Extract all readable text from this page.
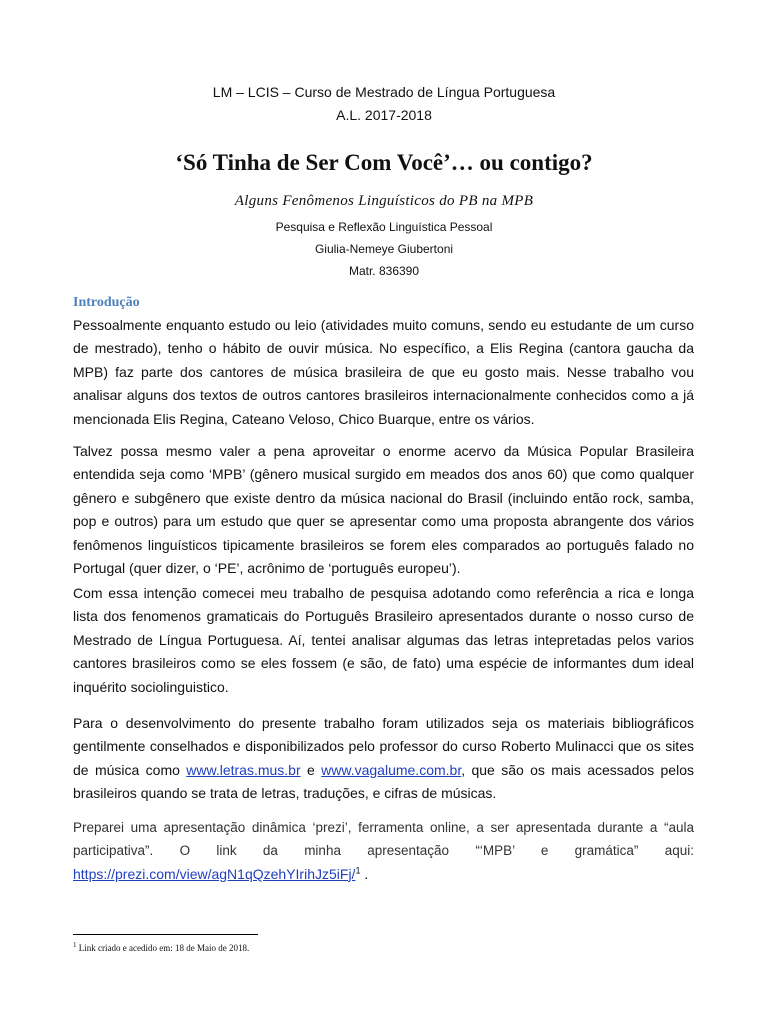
LM – LCIS – Curso de Mestrado de Língua Portuguesa
A.L. 2017-2018
‘Só Tinha de Ser Com Você’… ou contigo?
Alguns Fenômenos Linguísticos do PB na MPB
Pesquisa e Reflexão Linguística Pessoal
Giulia-Nemeye Giubertoni
Matr. 836390
Introdução
Pessoalmente enquanto estudo ou leio (atividades muito comuns, sendo eu estudante de um curso de mestrado), tenho o hábito de ouvir música. No específico, a Elis Regina (cantora gaucha da MPB) faz parte dos cantores de música brasileira de que eu gosto mais. Nesse trabalho vou analisar alguns dos textos de outros cantores brasileiros internacionalmente conhecidos como a já mencionada Elis Regina, Cateano Veloso, Chico Buarque, entre os vários.
Talvez possa mesmo valer a pena aproveitar o enorme acervo da Música Popular Brasileira entendida seja como ‘MPB’ (gênero musical surgido em meados dos anos 60) que como qualquer gênero e subgênero que existe dentro da música nacional do Brasil (incluindo então rock, samba, pop e outros) para um estudo que quer se apresentar como uma proposta abrangente dos vários fenômenos linguísticos tipicamente brasileiros se forem eles comparados ao português falado no Portugal (quer dizer, o ‘PE’, acrônimo de ‘português europeu’).
Com essa intenção comecei meu trabalho de pesquisa adotando como referência a rica e longa lista dos fenomenos gramaticais do Português Brasileiro apresentados durante o nosso curso de Mestrado de Língua Portuguesa. Aí, tentei analisar algumas das letras intepretadas pelos varios cantores brasileiros como se eles fossem (e são, de fato) uma espécie de informantes dum ideal inquérito sociolinguistico.
Para o desenvolvimento do presente trabalho foram utilizados seja os materiais bibliográficos gentilmente conselhados e disponibilizados pelo professor do curso Roberto Mulinacci que os sites de música como www.letras.mus.br e www.vagalume.com.br, que são os mais acessados pelos brasileiros quando se trata de letras, traduções, e cifras de músicas.
Preparei uma apresentação dinâmica ‘prezi’, ferramenta online, a ser apresentada durante a “aula participativa”. O link da minha apresentação “‘MPB’ e gramática” aqui: https://prezi.com/view/agN1qQzehYIrihJz5iFj/$^1$ .
$^1$ Link criado e acedido em: 18 de Maio de 2018.
